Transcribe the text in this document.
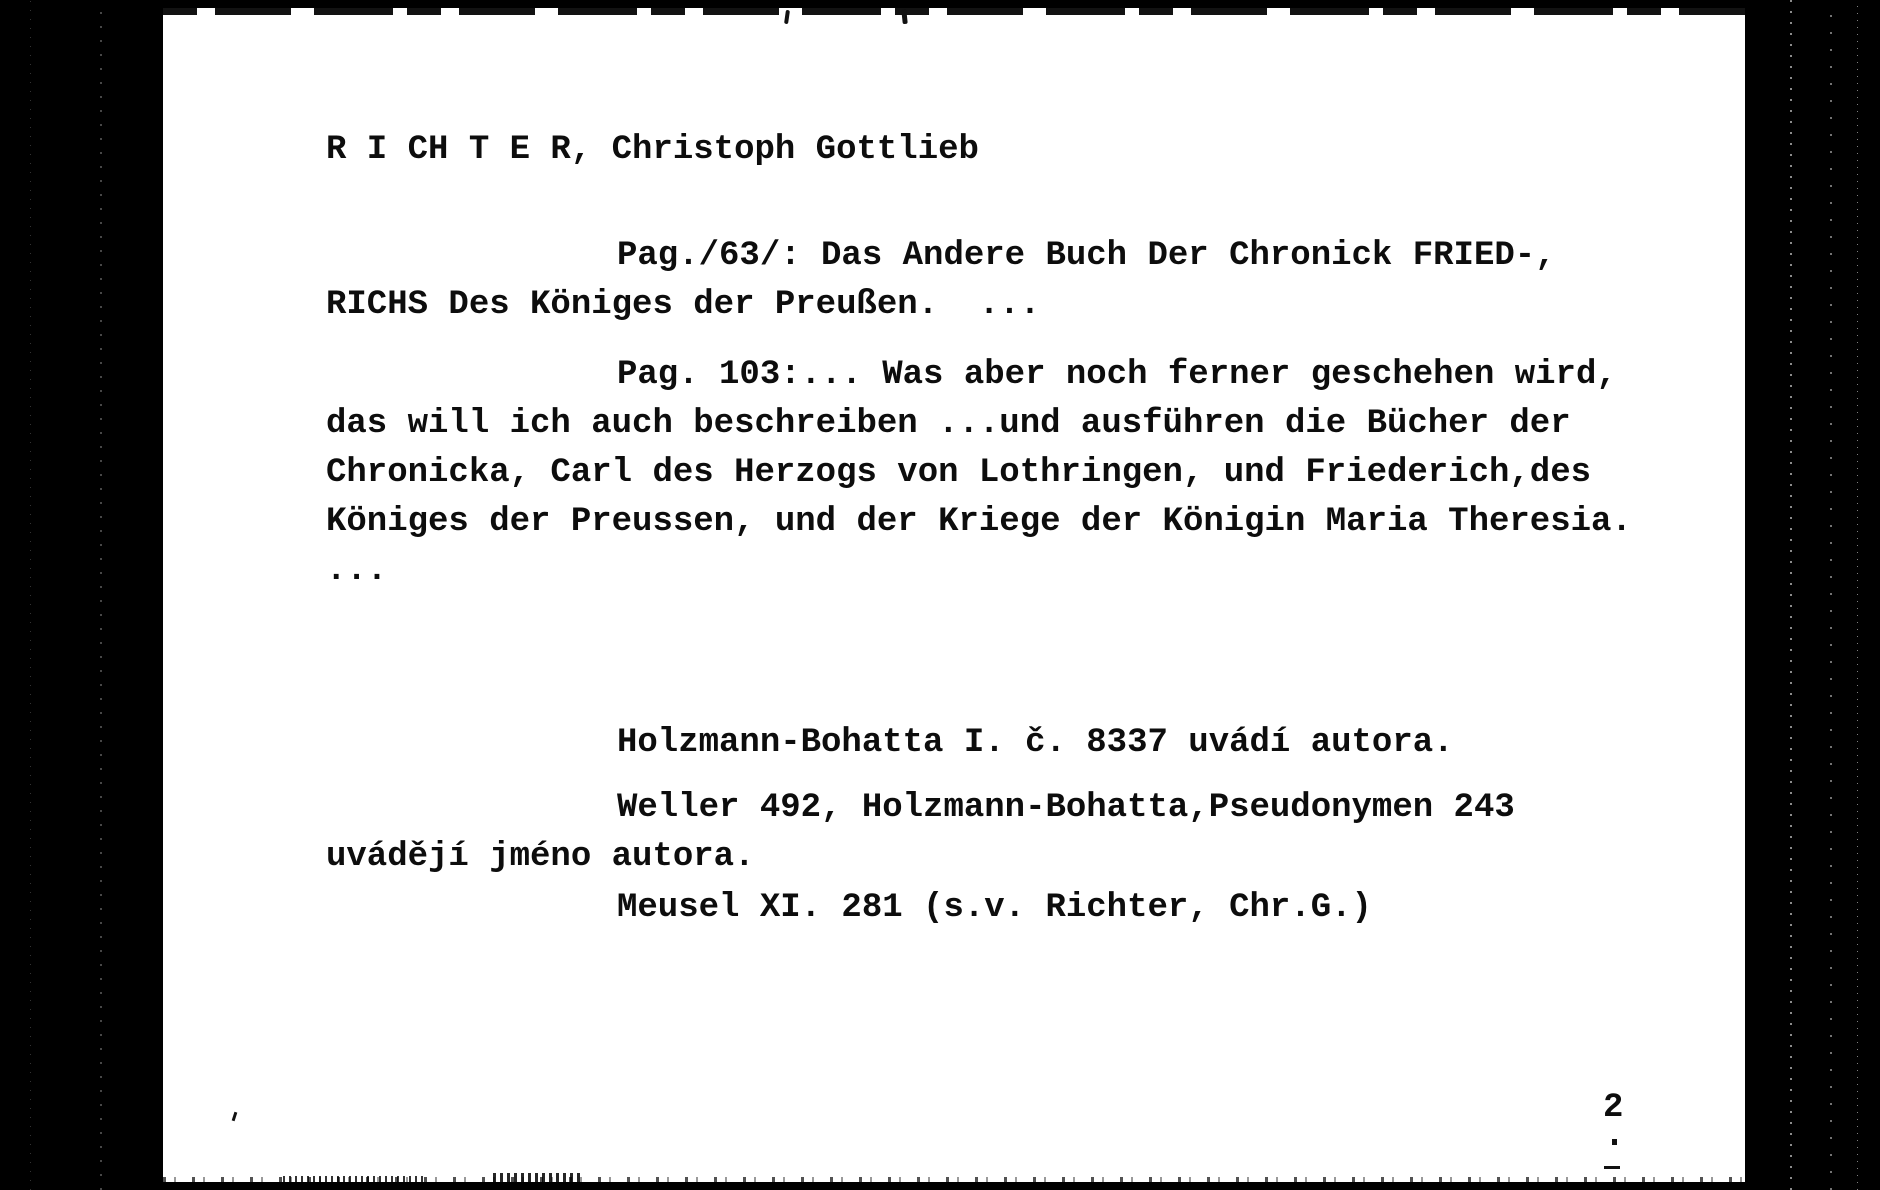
R I CH T E R, Christoph Gottlieb
Pag./63/: Das Andere Buch Der Chronick FRIED-,
RICHS Des Königes der Preußen.  ...
Pag. 103:... Was aber noch ferner geschehen wird,
das will ich auch beschreiben ...und ausführen die Bücher der
Chronicka, Carl des Herzogs von Lothringen, und Friederich,des
Königes der Preussen, und der Kriege der Königin Maria Theresia.
...
Holzmann-Bohatta I. č. 8337 uvádí autora.
Weller 492, Holzmann-Bohatta,Pseudonymen 243
uvádějí jméno autora.
Meusel XI. 281 (s.v. Richter, Chr.G.)
2
